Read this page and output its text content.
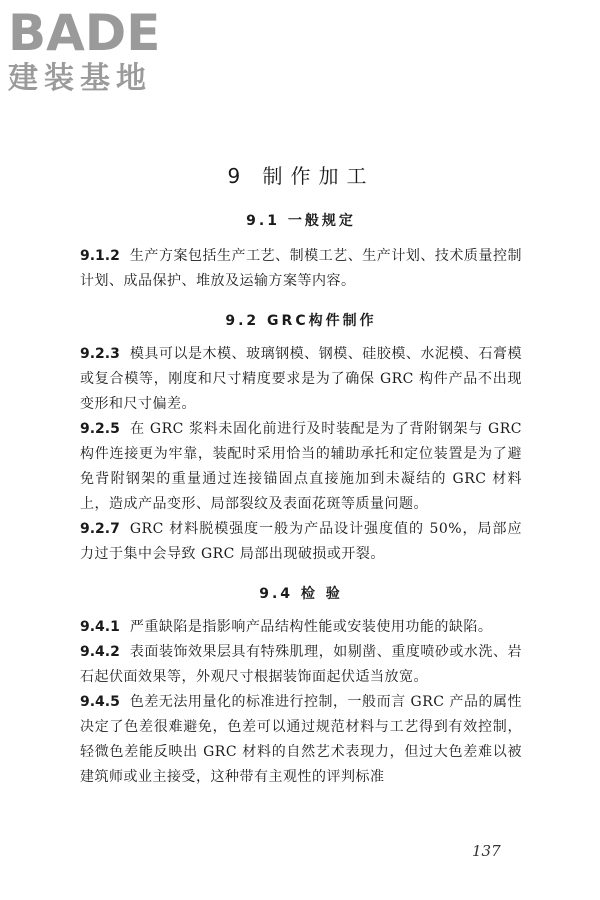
BADE
建装基地
9 制作加工
9.1 一般规定

9.1.2 生产方案包括生产工艺、制模工艺、生产计划、技术质量控制计划、成品保护、堆放及运输方案等内容。

9.2 GRC构件制作

9.2.3 模具可以是木模、玻璃钢模、钢模、硅胶模、水泥模、石膏模或复合模等，刚度和尺寸精度要求是为了确保 GRC 构件产品不出现变形和尺寸偏差。

9.2.5 在 GRC 浆料未固化前进行及时装配是为了背附钢架与 GRC 构件连接更为牢靠，装配时采用恰当的辅助承托和定位装置是为了避免背附钢架的重量通过连接锚固点直接施加到未凝结的 GRC 材料上，造成产品变形、局部裂纹及表面花斑等质量问题。

9.2.7 GRC 材料脱模强度一般为产品设计强度值的 50%，局部应力过于集中会导致 GRC 局部出现破损或开裂。

9.4 检 验

9.4.1 严重缺陷是指影响产品结构性能或安装使用功能的缺陷。

9.4.2 表面装饰效果层具有特殊肌理，如剔凿、重度喷砂或水洗、岩石起伏面效果等，外观尺寸根据装饰面起伏适当放宽。

9.4.5 色差无法用量化的标准进行控制，一般而言 GRC 产品的属性决定了色差很难避免，色差可以通过规范材料与工艺得到有效控制，轻微色差能反映出 GRC 材料的自然艺术表现力，但过大色差难以被建筑师或业主接受，这种带有主观性的评判标准

137
